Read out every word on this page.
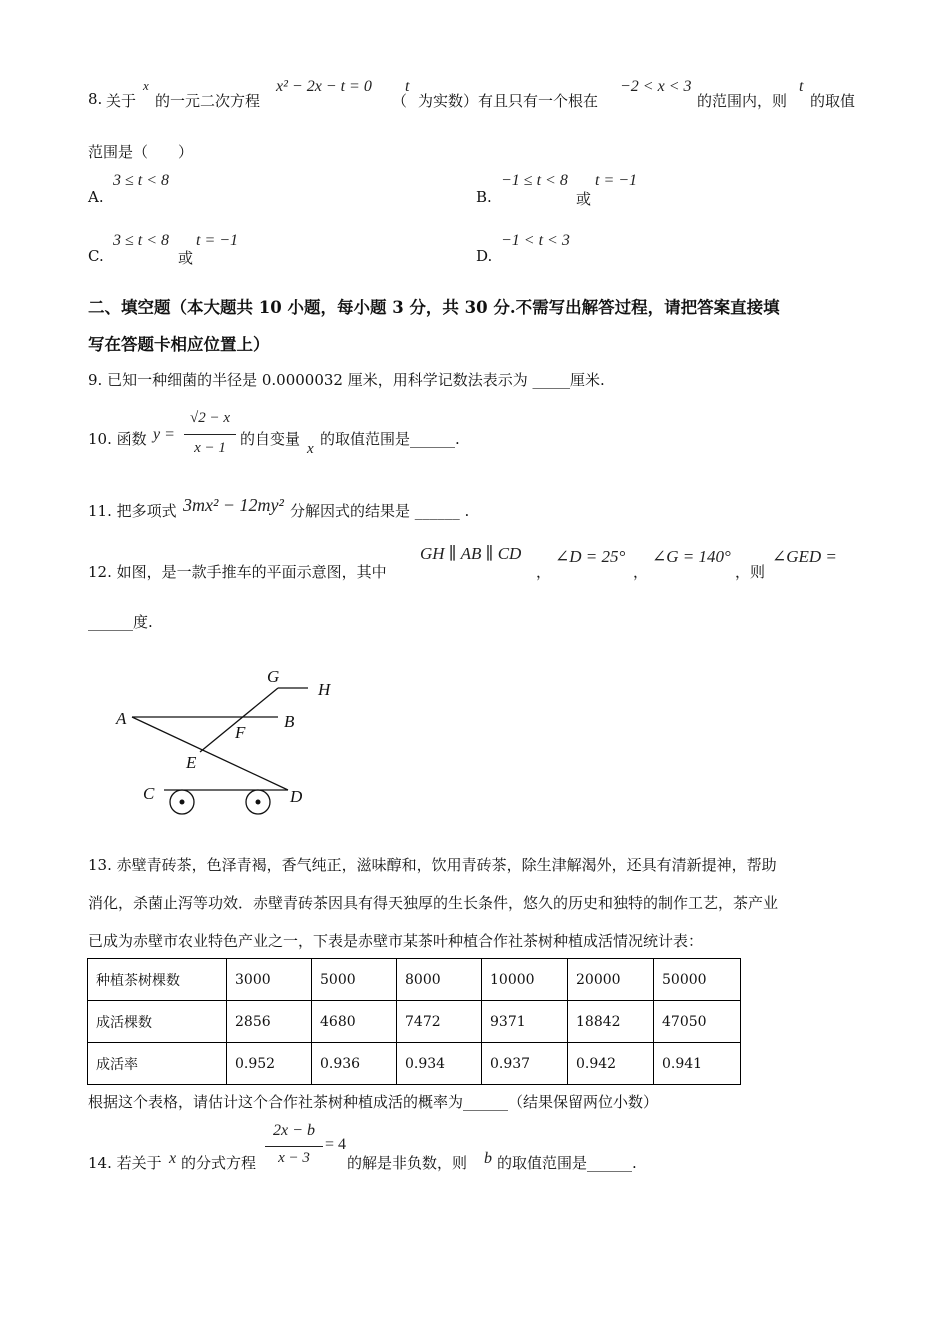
8. 关于
x
的一元二次方程
x² − 2x − t = 0
（
t
为实数）有且只有一个根在
−2 < x < 3
的范围内，则
t
的取值
范围是（　　）
A.
3 ≤ t < 8
B.
−1 ≤ t < 8
或
t = −1
C.
3 ≤ t < 8
或
t = −1
D.
−1 < t < 3
二、填空题（本大题共 10 小题，每小题 3 分，共 30 分.不需写出解答过程，请把答案直接填
写在答题卡相应位置上）
9. 已知一种细菌的半径是 0.0000032 厘米，用科学记数法表示为 _____厘米.
10. 函数 y =
√2 − x
x − 1 的自变量
x
的取值范围是______.
11. 把多项式 3mx² − 12my² 分解因式的结果是 ______ .
12. 如图，是一款手推车的平面示意图，其中
GH ∥ AB ∥ CD
，
∠D = 25°
，
∠G = 140°
，则
∠GED =
______度.
G
H
A	B
F
E
C	D
13. 赤壁青砖茶，色泽青褐，香气纯正，滋味醇和，饮用青砖茶，除生津解渴外，还具有清新提神，帮助
消化，杀菌止泻等功效．赤壁青砖茶因具有得天独厚的生长条件，悠久的历史和独特的制作工艺，茶产业
已成为赤壁市农业特色产业之一，下表是赤壁市某茶叶种植合作社茶树种植成活情况统计表：
种植茶树棵数	3000	5000	8000	10000	20000	50000
成活棵数	2856	4680	7472	9371	18842	47050
成活率	0.952	0.936	0.934	0.937	0.942	0.941
根据这个表格，请估计这个合作社茶树种植成活的概率为______（结果保留两位小数）
14. 若关于 x 的分式方程
2x − b
x − 3
= 4
的解是非负数，则 b 的取值范围是______.
